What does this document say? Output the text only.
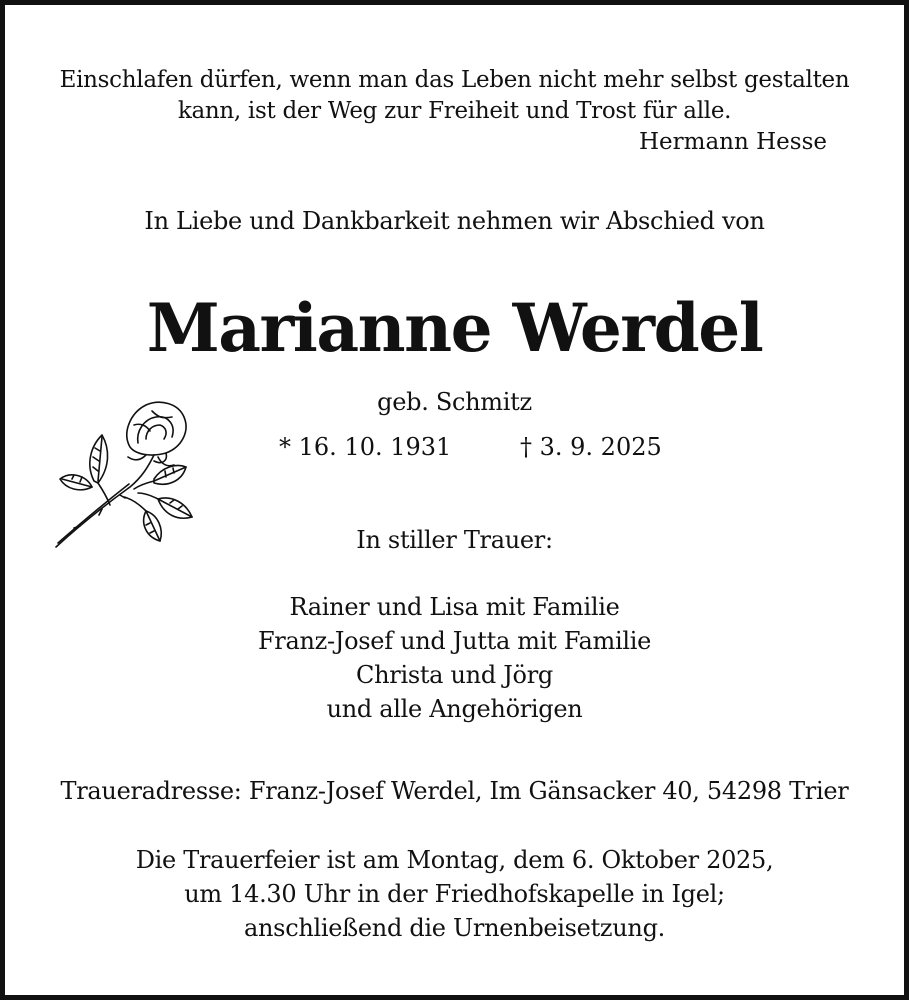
Einschlafen dürfen, wenn man das Leben nicht mehr selbst gestalten
kann, ist der Weg zur Freiheit und Trost für alle.
Hermann Hesse
In Liebe und Dankbarkeit nehmen wir Abschied von
Marianne Werdel
geb. Schmitz
* 16. 10. 1931	† 3. 9. 2025
In stiller Trauer:
Rainer und Lisa mit Familie
Franz-Josef und Jutta mit Familie
Christa und Jörg
und alle Angehörigen
Traueradresse: Franz-Josef Werdel, Im Gänsacker 40, 54298 Trier
Die Trauerfeier ist am Montag, dem 6. Oktober 2025,
um 14.30 Uhr in der Friedhofskapelle in Igel;
anschließend die Urnenbeisetzung.
